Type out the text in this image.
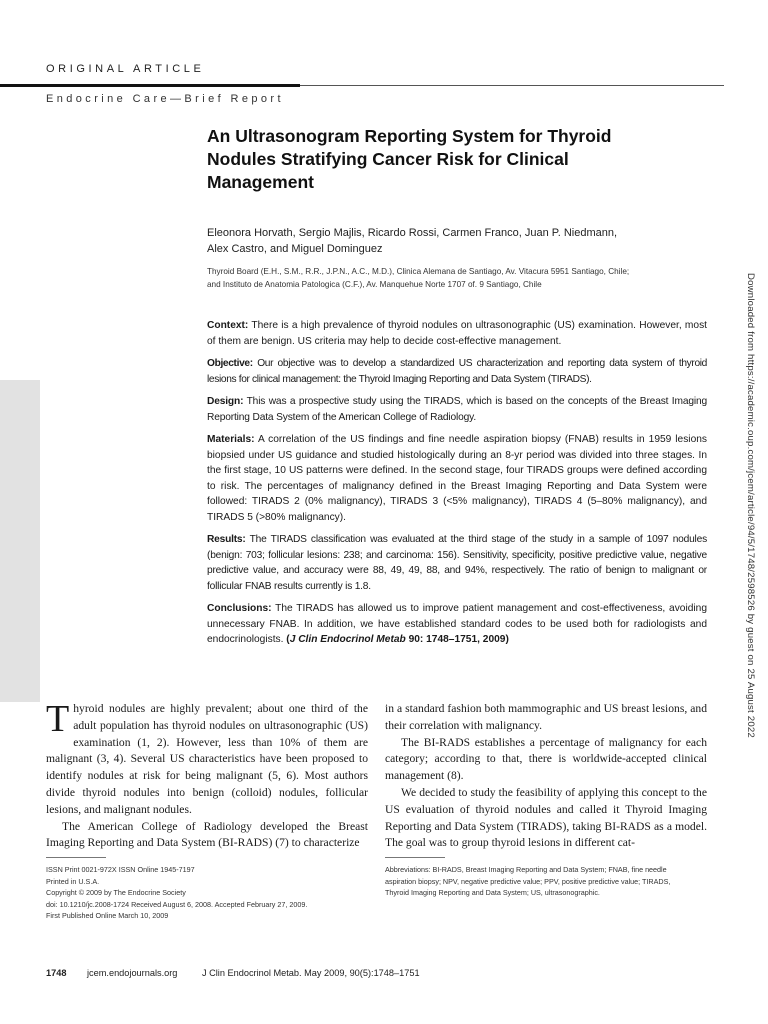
ORIGINAL ARTICLE
Endocrine Care—Brief Report
An Ultrasonogram Reporting System for Thyroid Nodules Stratifying Cancer Risk for Clinical Management
Eleonora Horvath, Sergio Majlis, Ricardo Rossi, Carmen Franco, Juan P. Niedmann,
Alex Castro, and Miguel Dominguez
Thyroid Board (E.H., S.M., R.R., J.P.N., A.C., M.D.), Clinica Alemana de Santiago, Av. Vitacura 5951 Santiago, Chile;
and Instituto de Anatomia Patologica (C.F.), Av. Manquehue Norte 1707 of. 9 Santiago, Chile

Context: There is a high prevalence of thyroid nodules on ultrasonographic (US) examination. However, most of them are benign. US criteria may help to decide cost-effective management.

Objective: Our objective was to develop a standardized US characterization and reporting data system of thyroid lesions for clinical management: the Thyroid Imaging Reporting and Data System (TIRADS).

Design: This was a prospective study using the TIRADS, which is based on the concepts of the Breast Imaging Reporting Data System of the American College of Radiology.

Materials: A correlation of the US findings and fine needle aspiration biopsy (FNAB) results in 1959 lesions biopsied under US guidance and studied histologically during an 8-yr period was divided into three stages. In the first stage, 10 US patterns were defined. In the second stage, four TIRADS groups were defined according to risk. The percentages of malignancy defined in the Breast Imaging Reporting and Data System were followed: TIRADS 2 (0% malignancy), TIRADS 3 (<5% malignancy), TIRADS 4 (5–80% malignancy), and TIRADS 5 (>80% malignancy).

Results: The TIRADS classification was evaluated at the third stage of the study in a sample of 1097 nodules (benign: 703; follicular lesions: 238; and carcinoma: 156). Sensitivity, specificity, positive predictive value, negative predictive value, and accuracy were 88, 49, 49, 88, and 94%, respectively. The ratio of benign to malignant or follicular FNAB results currently is 1.8.

Conclusions: The TIRADS has allowed us to improve patient management and cost-effectiveness, avoiding unnecessary FNAB. In addition, we have established standard codes to be used both for radiologists and endocrinologists. (J Clin Endocrinol Metab 90: 1748–1751, 2009)	Downloaded from https://academic.oup.com/jcem/article/94/5/1748/2598526 by guest on 25 August 2022

Thyroid nodules are highly prevalent; about one third of the adult population has thyroid nodules on ultrasonographic (US) examination (1, 2). However, less than 10% of them are malignant (3, 4). Several US characteristics have been proposed to identify nodules at risk for being malignant (5, 6). Most authors divide thyroid nodules into benign (colloid) nodules, follicular lesions, and malignant nodules.

The American College of Radiology developed the Breast Imaging Reporting and Data System (BI-RADS) (7) to characterize

in a standard fashion both mammographic and US breast lesions, and their correlation with malignancy.

The BI-RADS establishes a percentage of malignancy for each category; according to that, there is worldwide-accepted clinical management (8).

We decided to study the feasibility of applying this concept to the US evaluation of thyroid nodules and called it Thyroid Imaging Reporting and Data System (TIRADS), taking BI-RADS as a model. The goal was to group thyroid lesions in different cat-

ISSN Print 0021-972X ISSN Online 1945-7197
Printed in U.S.A.
Copyright © 2009 by The Endocrine Society
doi: 10.1210/jc.2008-1724 Received August 6, 2008. Accepted February 27, 2009.
First Published Online March 10, 2009
Abbreviations: BI-RADS, Breast Imaging Reporting and Data System; FNAB, fine needle
aspiration biopsy; NPV, negative predictive value; PPV, positive predictive value; TIRADS,
Thyroid Imaging Reporting and Data System; US, ultrasonographic.
1748 jcem.endojournals.org	J Clin Endocrinol Metab. May 2009, 90(5):1748–1751
